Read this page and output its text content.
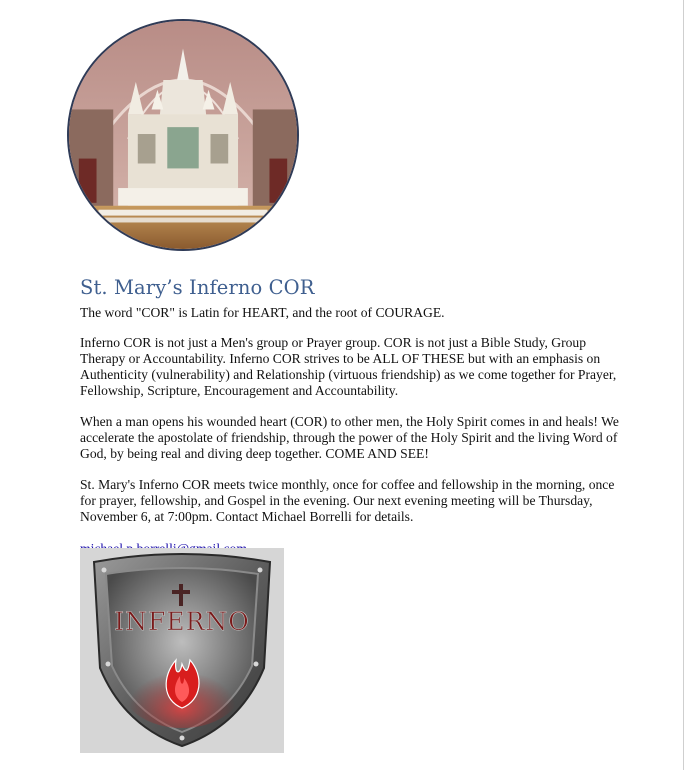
St. Mary’s Inferno COR

The word "COR" is Latin for HEART, and the root of COURAGE.

Inferno COR is not just a Men's group or Prayer group. COR is not just a Bible Study, Group Therapy or Accountability. Inferno COR strives to be ALL OF THESE but with an emphasis on Authenticity (vulnerability) and Relationship (virtuous friendship) as we come together for Prayer, Fellowship, Scripture, Encouragement and Accountability.

When a man opens his wounded heart (COR) to other men, the Holy Spirit comes in and heals! We accelerate the apostolate of friendship, through the power of the Holy Spirit and the living Word of God, by being real and diving deep together. COME AND SEE!

St. Mary's Inferno COR meets twice monthly, once for coffee and fellowship in the morning, once for prayer, fellowship, and Gospel in the evening. Our next evening meeting will be Thursday, November 6, at 7:00pm. Contact Michael Borrelli for details.

INFERNO
